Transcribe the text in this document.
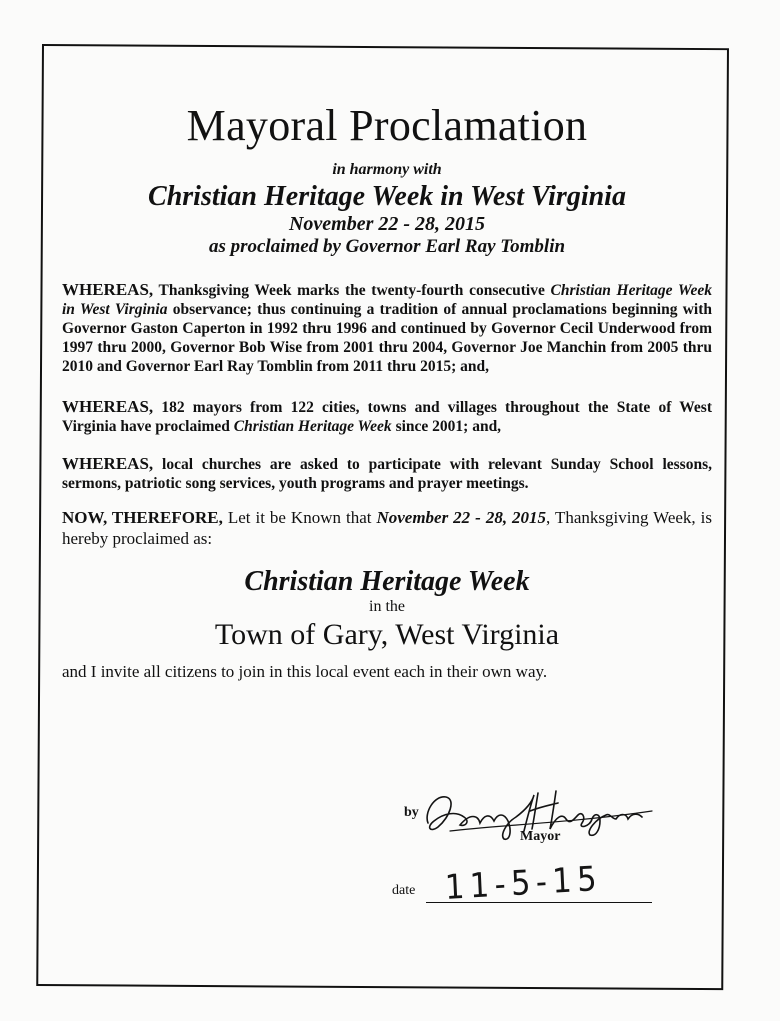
Mayoral Proclamation

in harmony with

Christian Heritage Week in West Virginia

November 22 - 28, 2015

as proclaimed by Governor Earl Ray Tomblin

WHEREAS, Thanksgiving Week marks the twenty-fourth consecutive Christian Heritage Week in West Virginia observance; thus continuing a tradition of annual proclamations beginning with Governor Gaston Caperton in 1992 thru 1996 and continued by Governor Cecil Underwood from 1997 thru 2000, Governor Bob Wise from 2001 thru 2004, Governor Joe Manchin from 2005 thru 2010 and Governor Earl Ray Tomblin from 2011 thru 2015; and,

WHEREAS, 182 mayors from 122 cities, towns and villages throughout the State of West Virginia have proclaimed Christian Heritage Week since 2001; and,

WHEREAS, local churches are asked to participate with relevant Sunday School lessons, sermons, patriotic song services, youth programs and prayer meetings.

NOW, THEREFORE, Let it be Known that November 22 - 28, 2015, Thanksgiving Week, is hereby proclaimed as:

Christian Heritage Week

in the

Town of Gary, West Virginia

and I invite all citizens to join in this local event each in their own way.

by
Mayor
date 11-5-15
